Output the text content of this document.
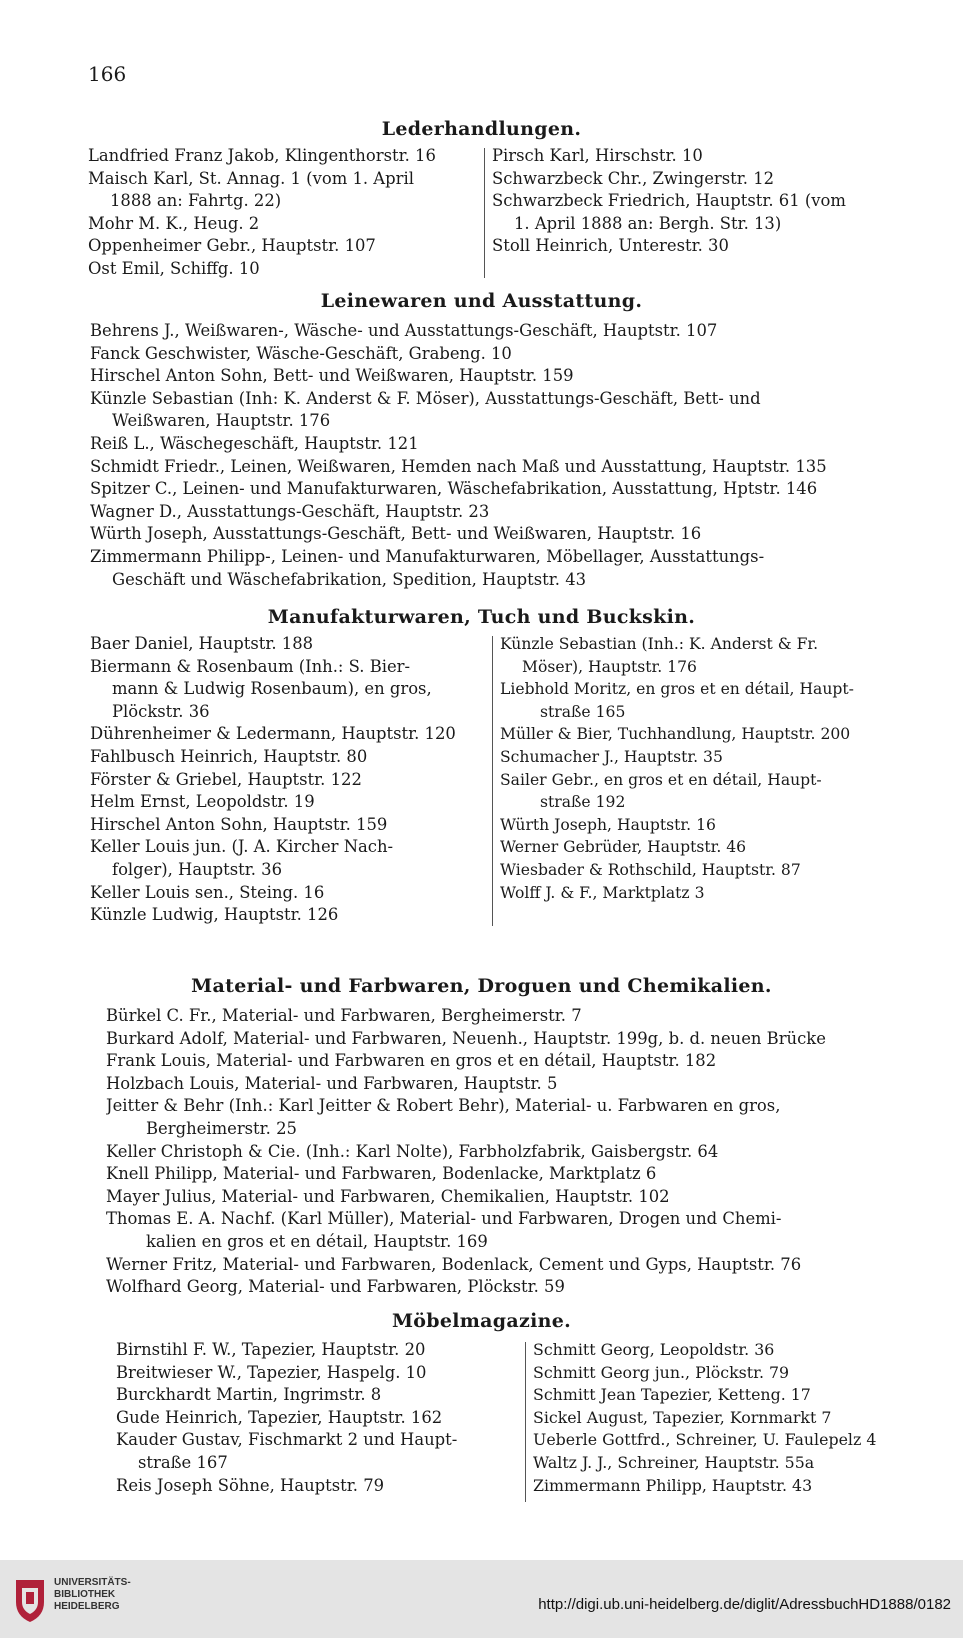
166
Lederhandlungen.
Landfried Franz Jakob, Klingenthorstr. 16
Maisch Karl, St. Annag. 1 (vom 1. April
1888 an: Fahrtg. 22)
Mohr M. K., Heug. 2
Oppenheimer Gebr., Hauptstr. 107
Ost Emil, Schiffg. 10
Pirsch Karl, Hirschstr. 10
Schwarzbeck Chr., Zwingerstr. 12
Schwarzbeck Friedrich, Hauptstr. 61 (vom
1. April 1888 an: Bergh. Str. 13)
Stoll Heinrich, Unterestr. 30
Leinewaren und Ausstattung.
Behrens J., Weißwaren-, Wäsche- und Ausstattungs-Geschäft, Hauptstr. 107
Fanck Geschwister, Wäsche-Geschäft, Grabeng. 10
Hirschel Anton Sohn, Bett- und Weißwaren, Hauptstr. 159
Künzle Sebastian (Inh: K. Anderst & F. Möser), Ausstattungs-Geschäft, Bett- und
Weißwaren, Hauptstr. 176
Reiß L., Wäschegeschäft, Hauptstr. 121
Schmidt Friedr., Leinen, Weißwaren, Hemden nach Maß und Ausstattung, Hauptstr. 135
Spitzer C., Leinen- und Manufakturwaren, Wäschefabrikation, Ausstattung, Hptstr. 146
Wagner D., Ausstattungs-Geschäft, Hauptstr. 23
Würth Joseph, Ausstattungs-Geschäft, Bett- und Weißwaren, Hauptstr. 16
Zimmermann Philipp-, Leinen- und Manufakturwaren, Möbellager, Ausstattungs-
Geschäft und Wäschefabrikation, Spedition, Hauptstr. 43
Manufakturwaren, Tuch und Buckskin.
Baer Daniel, Hauptstr. 188
Biermann & Rosenbaum (Inh.: S. Bier-
mann & Ludwig Rosenbaum), en gros,
Plöckstr. 36
Dührenheimer & Ledermann, Hauptstr. 120
Fahlbusch Heinrich, Hauptstr. 80
Förster & Griebel, Hauptstr. 122
Helm Ernst, Leopoldstr. 19
Hirschel Anton Sohn, Hauptstr. 159
Keller Louis jun. (J. A. Kircher Nach-
folger), Hauptstr. 36
Keller Louis sen., Steing. 16
Künzle Ludwig, Hauptstr. 126
Künzle Sebastian (Inh.: K. Anderst & Fr.
Möser), Hauptstr. 176
Liebhold Moritz, en gros et en détail, Haupt-
straße 165
Müller & Bier, Tuchhandlung, Hauptstr. 200
Schumacher J., Hauptstr. 35
Sailer Gebr., en gros et en détail, Haupt-
straße 192
Würth Joseph, Hauptstr. 16
Werner Gebrüder, Hauptstr. 46
Wiesbader & Rothschild, Hauptstr. 87
Wolff J. & F., Marktplatz 3
Material- und Farbwaren, Droguen und Chemikalien.
Bürkel C. Fr., Material- und Farbwaren, Bergheimerstr. 7
Burkard Adolf, Material- und Farbwaren, Neuenh., Hauptstr. 199g, b. d. neuen Brücke
Frank Louis, Material- und Farbwaren en gros et en détail, Hauptstr. 182
Holzbach Louis, Material- und Farbwaren, Hauptstr. 5
Jeitter & Behr (Inh.: Karl Jeitter & Robert Behr), Material- u. Farbwaren en gros,
Bergheimerstr. 25
Keller Christoph & Cie. (Inh.: Karl Nolte), Farbholzfabrik, Gaisbergstr. 64
Knell Philipp, Material- und Farbwaren, Bodenlacke, Marktplatz 6
Mayer Julius, Material- und Farbwaren, Chemikalien, Hauptstr. 102
Thomas E. A. Nachf. (Karl Müller), Material- und Farbwaren, Drogen und Chemi-
kalien en gros et en détail, Hauptstr. 169
Werner Fritz, Material- und Farbwaren, Bodenlack, Cement und Gyps, Hauptstr. 76
Wolfhard Georg, Material- und Farbwaren, Plöckstr. 59
Möbelmagazine.
Birnstihl F. W., Tapezier, Hauptstr. 20
Breitwieser W., Tapezier, Haspelg. 10
Burckhardt Martin, Ingrimstr. 8
Gude Heinrich, Tapezier, Hauptstr. 162
Kauder Gustav, Fischmarkt 2 und Haupt-
straße 167
Reis Joseph Söhne, Hauptstr. 79
Schmitt Georg, Leopoldstr. 36
Schmitt Georg jun., Plöckstr. 79
Schmitt Jean Tapezier, Ketteng. 17
Sickel August, Tapezier, Kornmarkt 7
Ueberle Gottfrd., Schreiner, U. Faulepelz 4
Waltz J. J., Schreiner, Hauptstr. 55a
Zimmermann Philipp, Hauptstr. 43
UNIVERSITÄTS-
BIBLIOTHEK
HEIDELBERG	http://digi.ub.uni-heidelberg.de/diglit/AdressbuchHD1888/0182
